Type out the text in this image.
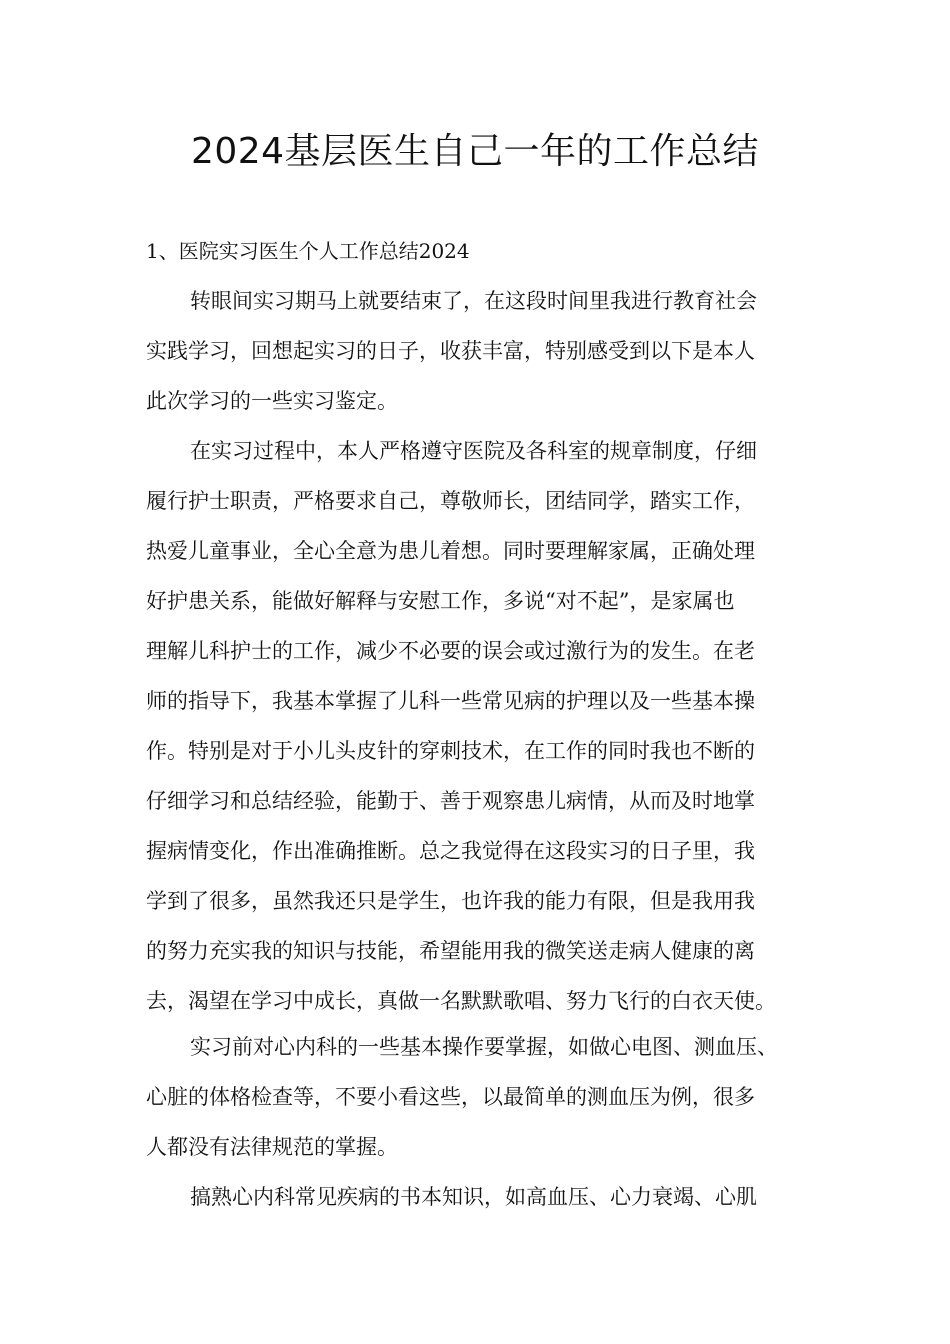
2024基层医生自己一年的工作总结
1、医院实习医生个人工作总结2024
转眼间实习期马上就要结束了，在这段时间里我进行教育社会
实践学习，回想起实习的日子，收获丰富，特别感受到以下是本人
此次学习的一些实习鉴定。
在实习过程中，本人严格遵守医院及各科室的规章制度，仔细
履行护士职责，严格要求自己，尊敬师长，团结同学，踏实工作，
热爱儿童事业，全心全意为患儿着想。同时要理解家属，正确处理
好护患关系，能做好解释与安慰工作，多说“对不起”，是家属也
理解儿科护士的工作，减少不必要的误会或过激行为的发生。在老
师的指导下，我基本掌握了儿科一些常见病的护理以及一些基本操
作。特别是对于小儿头皮针的穿刺技术，在工作的同时我也不断的
仔细学习和总结经验，能勤于、善于观察患儿病情，从而及时地掌
握病情变化，作出准确推断。总之我觉得在这段实习的日子里，我
学到了很多，虽然我还只是学生，也许我的能力有限，但是我用我
的努力充实我的知识与技能，希望能用我的微笑送走病人健康的离
去，渴望在学习中成长，真做一名默默歌唱、努力飞行的白衣天使。
实习前对心内科的一些基本操作要掌握，如做心电图、测血压、
心脏的体格检查等，不要小看这些，以最简单的测血压为例，很多
人都没有法律规范的掌握。
搞熟心内科常见疾病的书本知识，如高血压、心力衰竭、心肌
